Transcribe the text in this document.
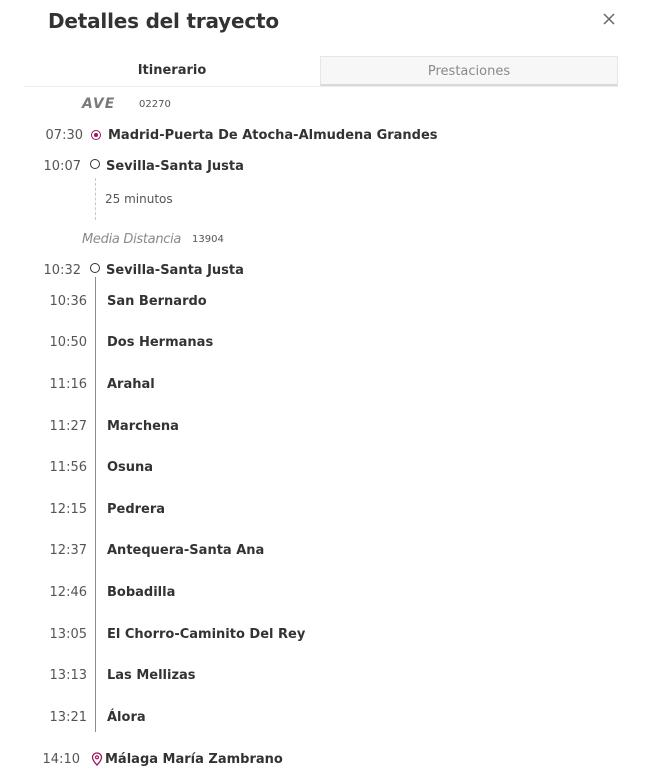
Detalles del trayecto
Itinerario	Prestaciones
AVE 02270
07:30 Madrid-Puerta De Atocha-Almudena Grandes
10:07 Sevilla-Santa Justa
25 minutos
Media Distancia 13904
10:32 Sevilla-Santa Justa
10:36 San Bernardo
10:50 Dos Hermanas
11:16 Arahal
11:27 Marchena
11:56 Osuna
12:15 Pedrera
12:37 Antequera-Santa Ana
12:46 Bobadilla
13:05 El Chorro-Caminito Del Rey
13:13 Las Mellizas
13:21 Álora
14:10 Málaga María Zambrano
